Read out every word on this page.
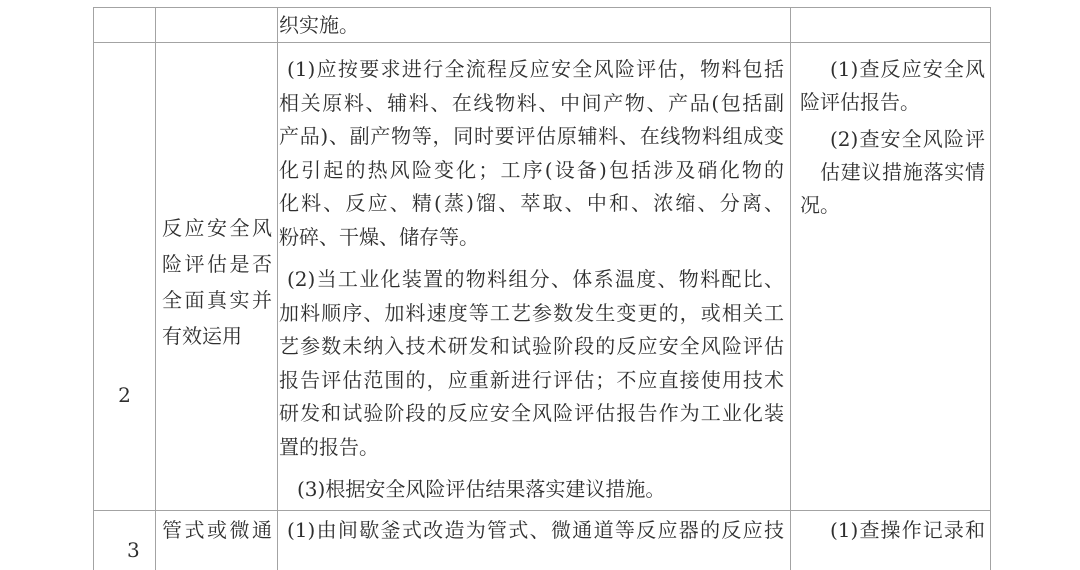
织实施。
2
反应安全风
险评估是否
全面真实并
有效运用
(1)应按要求进行全流程反应安全风险评估，物料包括
相关原料、辅料、在线物料、中间产物、产品(包括副
产品)、副产物等，同时要评估原辅料、在线物料组成变
化引起的热风险变化；工序(设备)包括涉及硝化物的
化料、反应、精(蒸)馏、萃取、中和、浓缩、分离、
粉碎、干燥、储存等。
(2)当工业化装置的物料组分、体系温度、物料配比、
加料顺序、加料速度等工艺参数发生变更的，或相关工
艺参数未纳入技术研发和试验阶段的反应安全风险评估
报告评估范围的，应重新进行评估；不应直接使用技术
研发和试验阶段的反应安全风险评估报告作为工业化装
置的报告。
(3)根据安全风险评估结果落实建议措施。
(1)查反应安全风
险评估报告。
(2)查安全风险评
估建议措施落实情
况。
3
管式或微通 (1)由间歇釜式改造为管式、微通道等反应器的反应技	(1)查操作记录和
